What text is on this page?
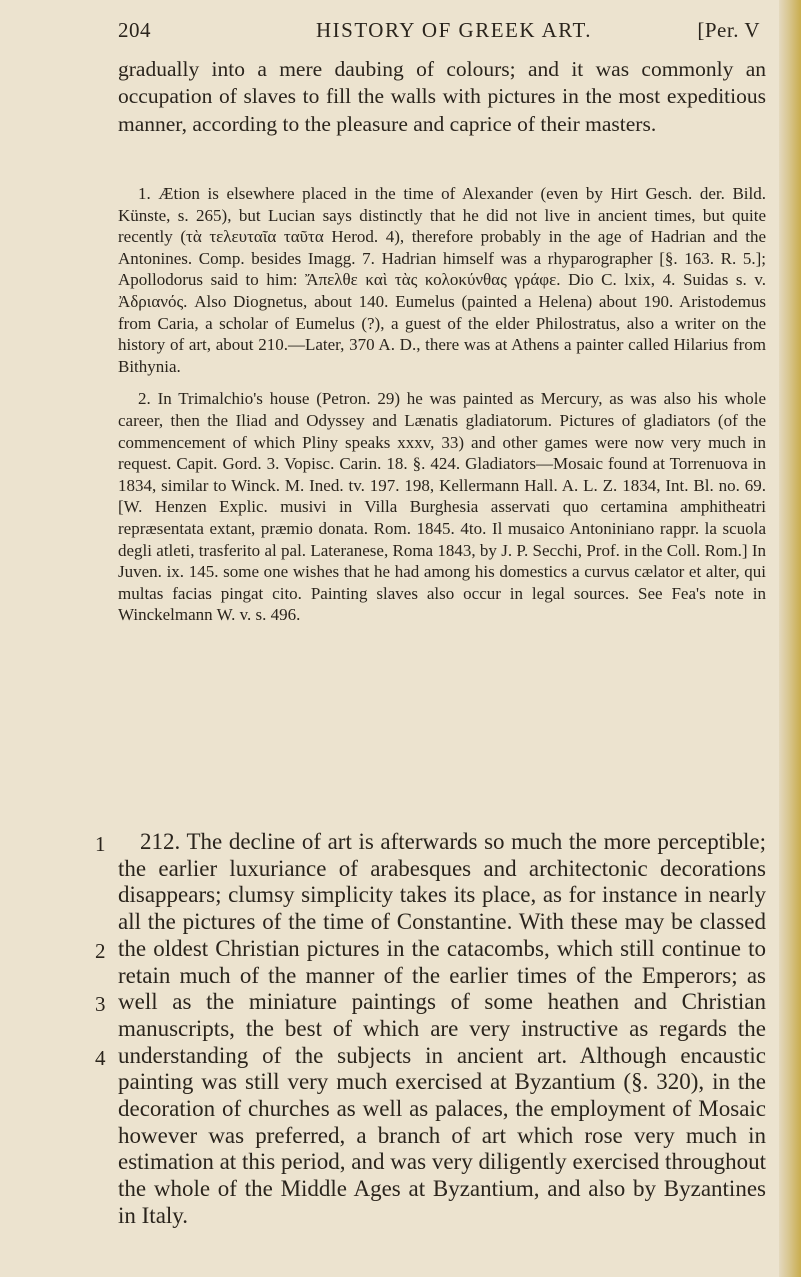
204	HISTORY OF GREEK ART.	[Per. V

gradually into a mere daubing of colours; and it was commonly an occupation of slaves to fill the walls with pictures in the most expeditious manner, according to the pleasure and caprice of their masters.

1. Ætion is elsewhere placed in the time of Alexander (even by Hirt Gesch. der. Bild. Künste, s. 265), but Lucian says distinctly that he did not live in ancient times, but quite recently (τὰ τελευταῖα ταῦτα Herod. 4), therefore probably in the age of Hadrian and the Antonines. Comp. besides Imagg. 7. Hadrian himself was a rhyparographer [§. 163. R. 5.]; Apollodorus said to him: Ἄπελθε καὶ τὰς κολοκύνθας γράφε. Dio C. lxix, 4. Suidas s. v. Ἀδριανός. Also Diognetus, about 140. Eumelus (painted a Helena) about 190. Aristodemus from Caria, a scholar of Eumelus (?), a guest of the elder Philostratus, also a writer on the history of art, about 210.—Later, 370 A. D., there was at Athens a painter called Hilarius from Bithynia.

2. In Trimalchio's house (Petron. 29) he was painted as Mercury, as was also his whole career, then the Iliad and Odyssey and Lænatis gladiatorum. Pictures of gladiators (of the commencement of which Pliny speaks xxxv, 33) and other games were now very much in request. Capit. Gord. 3. Vopisc. Carin. 18. §. 424. Gladiators—Mosaic found at Torrenuova in 1834, similar to Winck. M. Ined. tv. 197. 198, Kellermann Hall. A. L. Z. 1834, Int. Bl. no. 69. [W. Henzen Explic. musivi in Villa Burghesia asservati quo certamina amphitheatri repræsentata extant, præmio donata. Rom. 1845. 4to. Il musaico Antoniniano rappr. la scuola degli atleti, trasferito al pal. Lateranese, Roma 1843, by J. P. Secchi, Prof. in the Coll. Rom.] In Juven. ix. 145. some one wishes that he had among his domestics a curvus cælator et alter, qui multas facias pingat cito. Painting slaves also occur in legal sources. See Fea's note in Winckelmann W. v. s. 496.

1
2
3
4

212. The decline of art is afterwards so much the more perceptible; the earlier luxuriance of arabesques and architectonic decorations disappears; clumsy simplicity takes its place, as for instance in nearly all the pictures of the time of Constantine. With these may be classed the oldest Christian pictures in the catacombs, which still continue to retain much of the manner of the earlier times of the Emperors; as well as the miniature paintings of some heathen and Christian manuscripts, the best of which are very instructive as regards the understanding of the subjects in ancient art. Although encaustic painting was still very much exercised at Byzantium (§. 320), in the decoration of churches as well as palaces, the employment of Mosaic however was preferred, a branch of art which rose very much in estimation at this period, and was very diligently exercised throughout the whole of the Middle Ages at Byzantium, and also by Byzantines in Italy.
